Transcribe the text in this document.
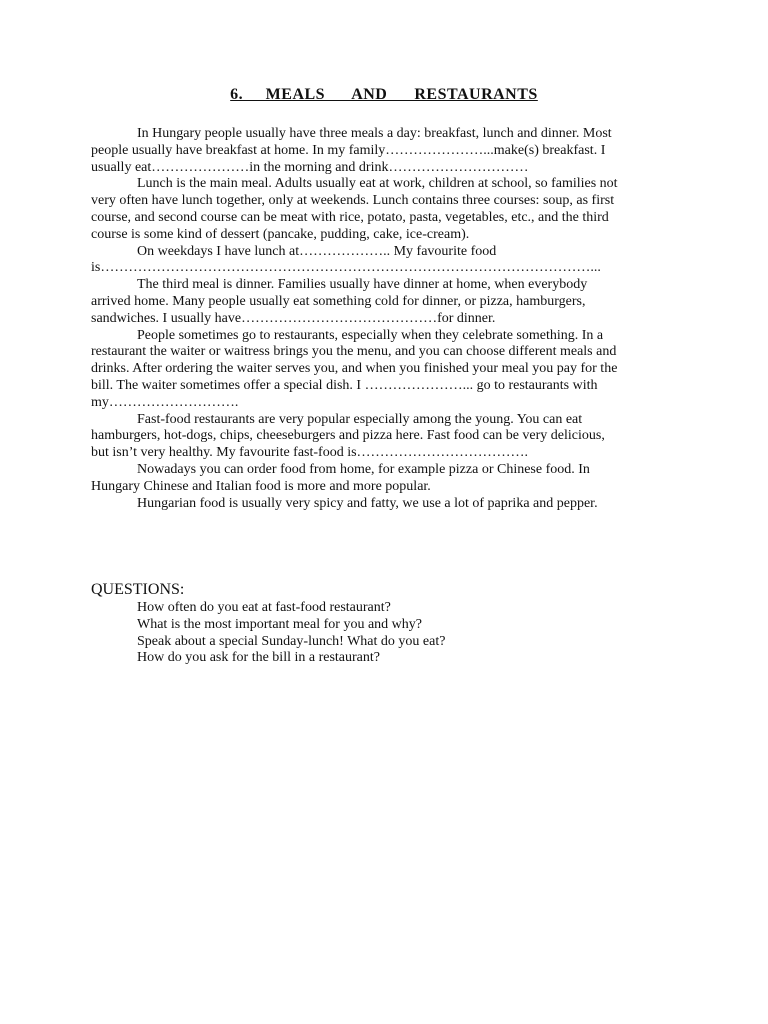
6.     MEALS      AND      RESTAURANTS
In Hungary people usually have three meals a day: breakfast, lunch and dinner. Most
people usually have breakfast at home. In my family…………………...make(s) breakfast. I
usually eat…………………in the morning and drink…………………………
Lunch is the main meal. Adults usually eat at work, children at school, so families not
very often have lunch together, only at weekends. Lunch contains three courses: soup, as first
course, and second course can be meat with rice, potato, pasta, vegetables, etc., and the third
course is some kind of dessert (pancake, pudding, cake, ice-cream).
On weekdays I have lunch at……………….. My favourite food
is……………………………………………………………………………………………...
The third meal is dinner. Families usually have dinner at home, when everybody
arrived home. Many people usually eat something cold for dinner, or pizza, hamburgers,
sandwiches. I usually have……………………………………for dinner.
People sometimes go to restaurants, especially when they celebrate something. In a
restaurant the waiter or waitress brings you the menu, and you can choose different meals and
drinks. After ordering the waiter serves you, and when you finished your meal you pay for the
bill. The waiter sometimes offer a special dish. I …………………... go to restaurants with
my……………………….
Fast-food restaurants are very popular especially among the young. You can eat
hamburgers, hot-dogs, chips, cheeseburgers and pizza here. Fast food can be very delicious,
but isn’t very healthy. My favourite fast-food is……………………………….
Nowadays you can order food from home, for example pizza or Chinese food. In
Hungary Chinese and Italian food is more and more popular.
Hungarian food is usually very spicy and fatty, we use a lot of paprika and pepper.
QUESTIONS:
How often do you eat at fast-food restaurant?
What is the most important meal for you and why?
Speak about a special Sunday-lunch! What do you eat?
How do you ask for the bill in a restaurant?
